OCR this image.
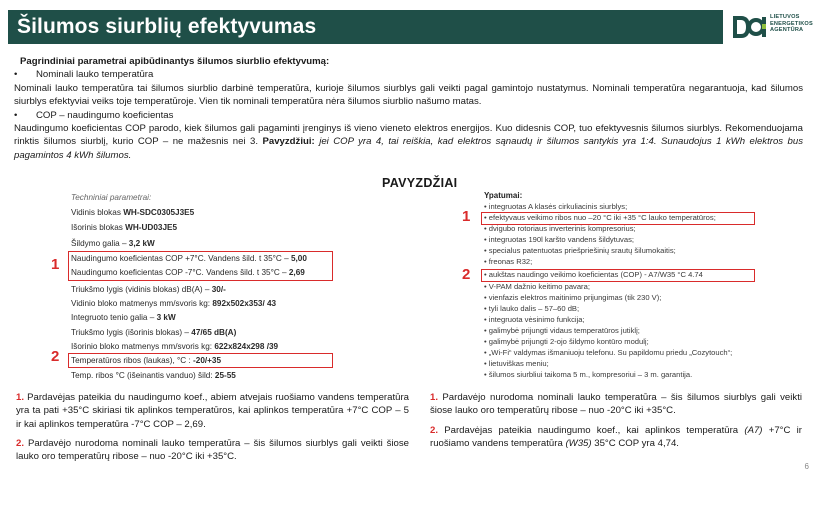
Šilumos siurblių efektyvumas	LIETUVOS
ENERGETIKOS
AGENTŪRA
Pagrindiniai parametrai apibūdinantys šilumos siurblio efektyvumą:
• Nominali lauko temperatūra

Nominali lauko temperatūra tai šilumos siurblio darbinė temperatūra, kurioje šilumos siurblys gali veikti pagal gamintojo nustatymus. Nominali temperatūra negarantuoja, kad šilumos siurblys efektyviai veiks toje temperatūroje. Vien tik nominali temperatūra nėra šilumos siurblio našumo matas.

• COP – naudingumo koeficientas

Naudingumo koeficientas COP parodo, kiek šilumos gali pagaminti įrenginys iš vieno vieneto elektros energijos. Kuo didesnis COP, tuo efektyvesnis šilumos siurblys. Rekomenduojama rinktis šilumos siurblį, kurio COP – ne mažesnis nei 3. Pavyzdžiui: jei COP yra 4, tai reiškia, kad elektros sąnaudų ir šilumos santykis yra 1:4. Sunaudojus 1 kWh elektros bus pagamintos 4 kWh šilumos.

PAVYZDŽIAI
Techniniai parametrai:
Vidinis blokas WH-SDC0305J3E5
Išorinis blokas WH-UD03JE5
Šildymo galia – 3,2 kW
Naudingumo koeficientas COP +7°C. Vandens šild. t 35°C – 5,00
Naudingumo koeficientas COP -7°C. Vandens šild. t 35°C – 2,69
Triukšmo lygis (vidinis blokas) dB(A) – 30/-
Vidinio bloko matmenys mm/svoris kg: 892x502x353/ 43
Integruoto tenio galia – 3 kW
Triukšmo lygis (išorinis blokas) – 47/65 dB(A)
Išorinio bloko matmenys mm/svoris kg: 622x824x298 /39
Temperatūros ribos (laukas), °C : -20/+35
Temp. ribos °C (išeinantis vanduo) šild: 25-55
1
2
Ypatumai:
• integruotas A klasės cirkuliacinis siurblys;
• efektyvaus veikimo ribos nuo –20 °C iki +35 °C lauko temperatūros;
• dvigubo rotoriaus inverterinis kompresorius;
• integruotas 190l karšto vandens šildytuvas;
• specialus patentuotas priešpriešinių srautų šilumokaitis;
• freonas R32;
• aukštas naudingo veikimo koeficientas (COP) - A7/W35 °C 4.74
• V-PAM dažnio keitimo pavara;
• vienfazis elektros maitinimo prijungimas (tik 230 V);
• tyli lauko dalis – 57–60 dB;
• integruota vėsinimo funkcija;
• galimybė prijungti vidaus temperatūros jutiklį;
• galimybė prijungti 2-ojo šildymo kontūro modulį;
• „Wi-Fi“ valdymas išmaniuoju telefonu. Su papildomu priedu „Cozytouch“;
• lietuviškas meniu;
• šilumos siurbliui taikoma 5 m., kompresoriui – 3 m. garantija.
1
2

1. Pardavėjas pateikia du naudingumo koef., abiem atvejais ruošiamo vandens temperatūra yra ta pati +35°C skiriasi tik aplinkos temperatūros, kai aplinkos temperatūra +7°C COP – 5 ir kai aplinkos temperatūra -7°C COP – 2,69.

2. Pardavėjo nurodoma nominali lauko temperatūra – šis šilumos siurblys gali veikti šiose lauko oro temperatūrų ribose – nuo -20°C iki +35°C.

1. Pardavėjo nurodoma nominali lauko temperatūra – šis šilumos siurblys gali veikti šiose lauko oro temperatūrų ribose – nuo -20°C iki +35°C.

2. Pardavėjas pateikia naudingumo koef., kai aplinkos temperatūra (A7) +7°C ir ruošiamo vandens temperatūra (W35) 35°C COP yra 4,74.

6
